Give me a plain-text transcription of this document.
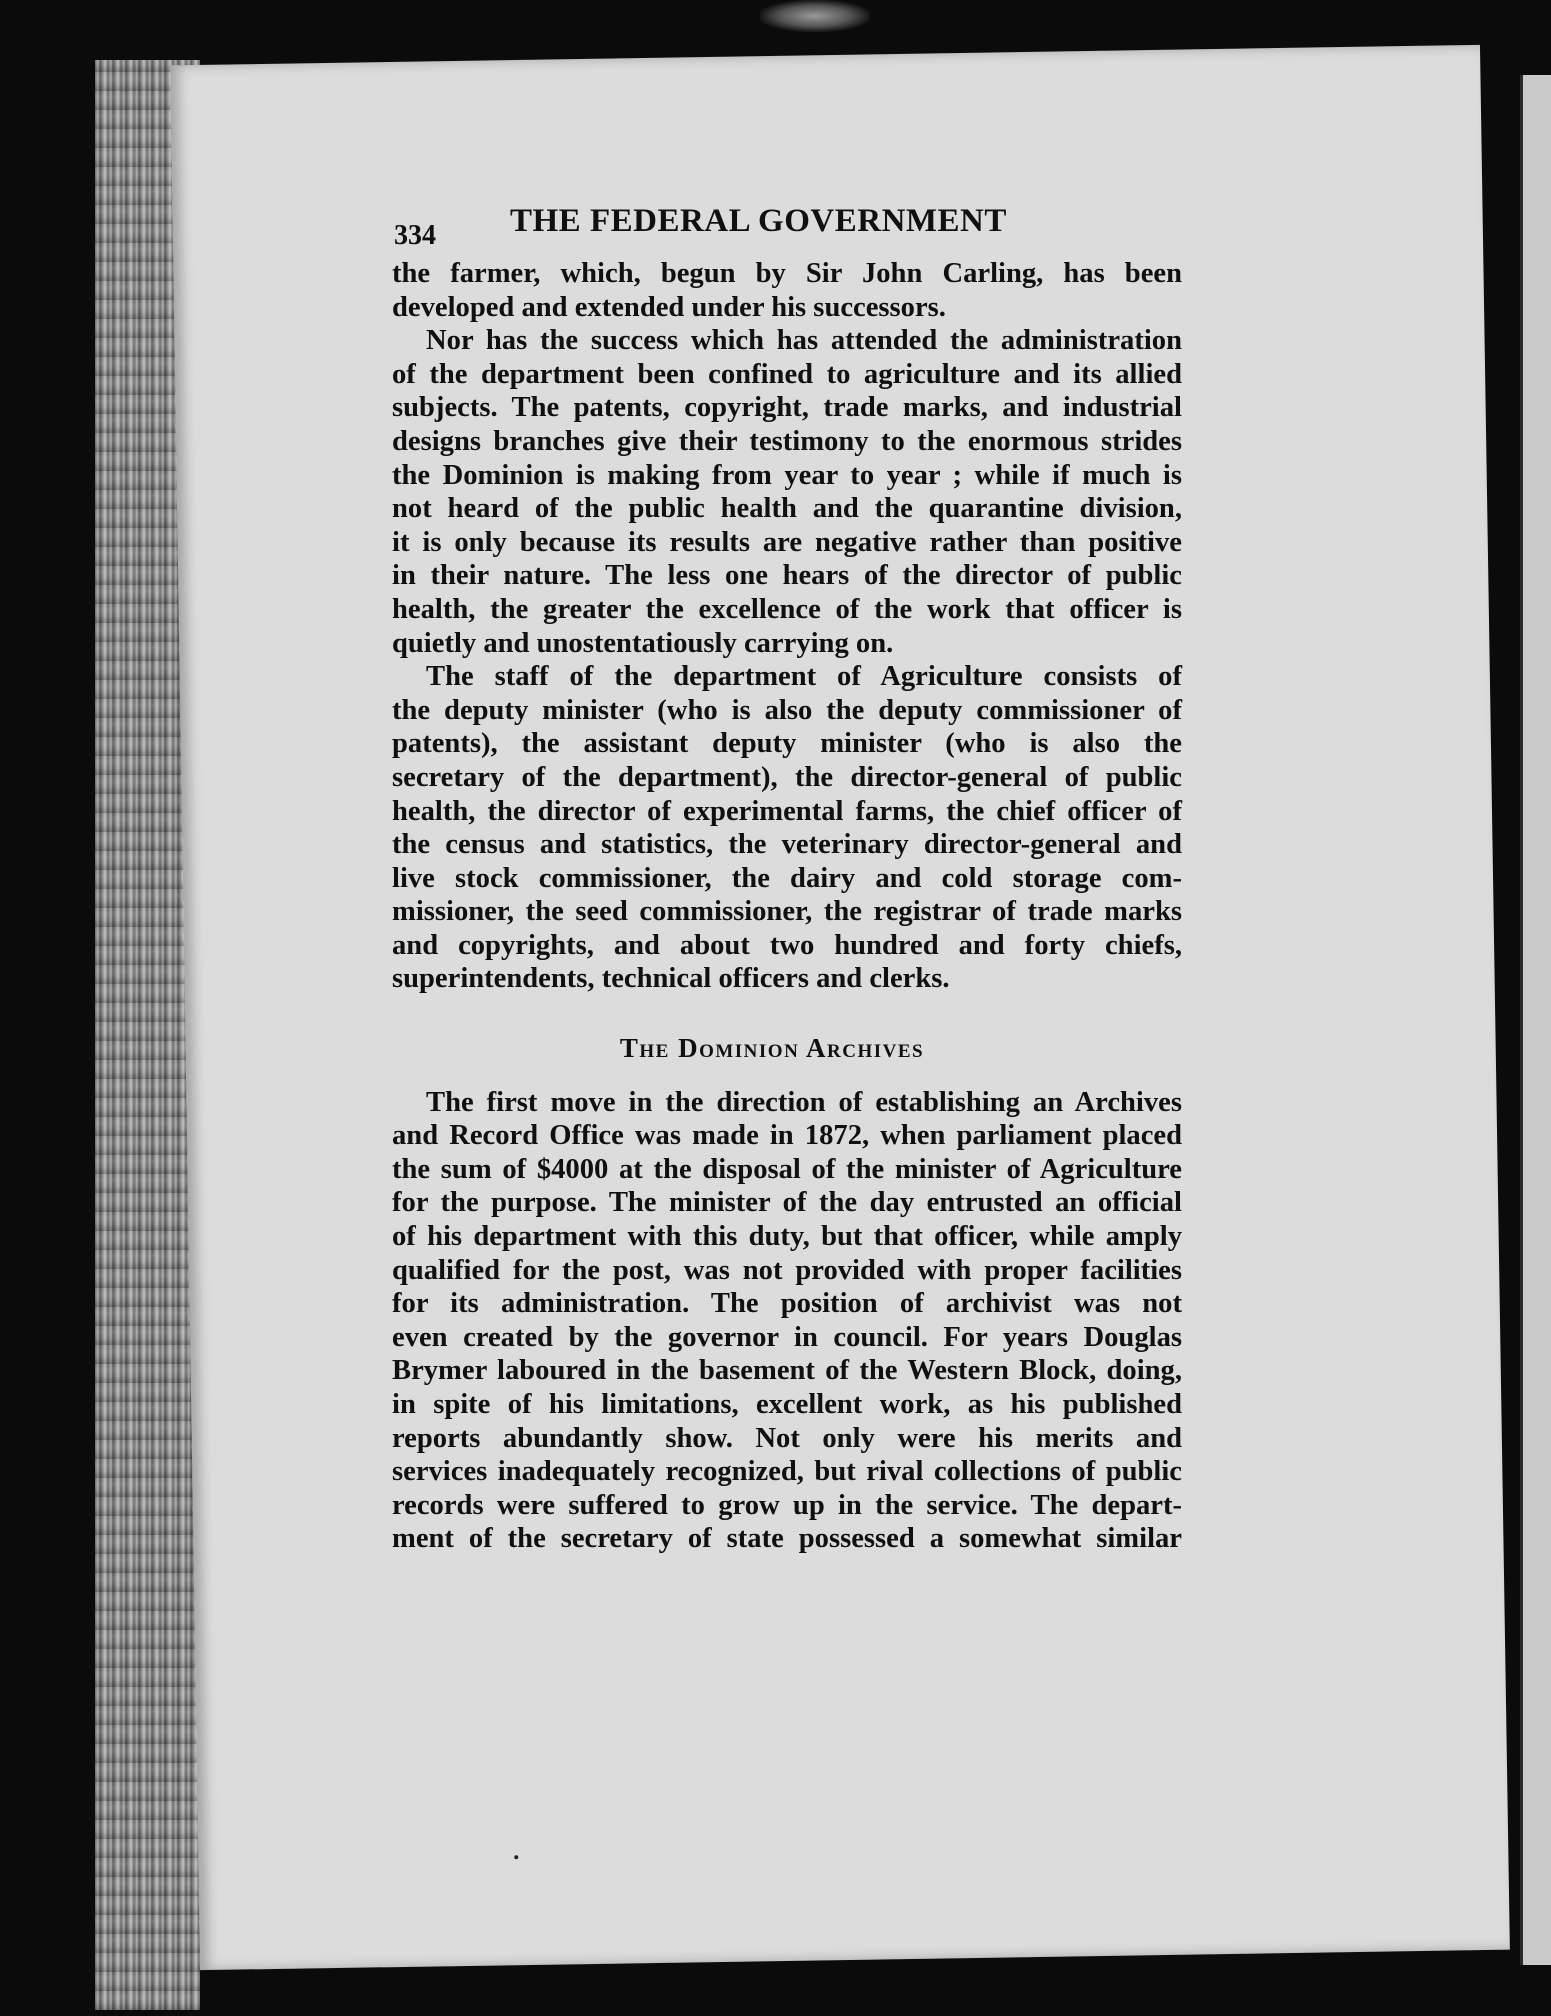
334 THE FEDERAL GOVERNMENT
the farmer, which, begun by Sir John Carling, has been
developed and extended under his successors.
Nor has the success which has attended the administration
of the department been confined to agriculture and its allied
subjects. The patents, copyright, trade marks, and industrial
designs branches give their testimony to the enormous strides
the Dominion is making from year to year ; while if much is
not heard of the public health and the quarantine division,
it is only because its results are negative rather than positive
in their nature. The less one hears of the director of public
health, the greater the excellence of the work that officer is
quietly and unostentatiously carrying on.
The staff of the department of Agriculture consists of
the deputy minister (who is also the deputy commissioner of
patents), the assistant deputy minister (who is also the
secretary of the department), the director-general of public
health, the director of experimental farms, the chief officer of
the census and statistics, the veterinary director-general and
live stock commissioner, the dairy and cold storage com-
missioner, the seed commissioner, the registrar of trade marks
and copyrights, and about two hundred and forty chiefs,
superintendents, technical officers and clerks.
The Dominion Archives
The first move in the direction of establishing an Archives
and Record Office was made in 1872, when parliament placed
the sum of $4000 at the disposal of the minister of Agriculture
for the purpose. The minister of the day entrusted an official
of his department with this duty, but that officer, while amply
qualified for the post, was not provided with proper facilities
for its administration. The position of archivist was not
even created by the governor in council. For years Douglas
Brymer laboured in the basement of the Western Block, doing,
in spite of his limitations, excellent work, as his published
reports abundantly show. Not only were his merits and
services inadequately recognized, but rival collections of public
records were suffered to grow up in the service. The depart-
ment of the secretary of state possessed a somewhat similar
